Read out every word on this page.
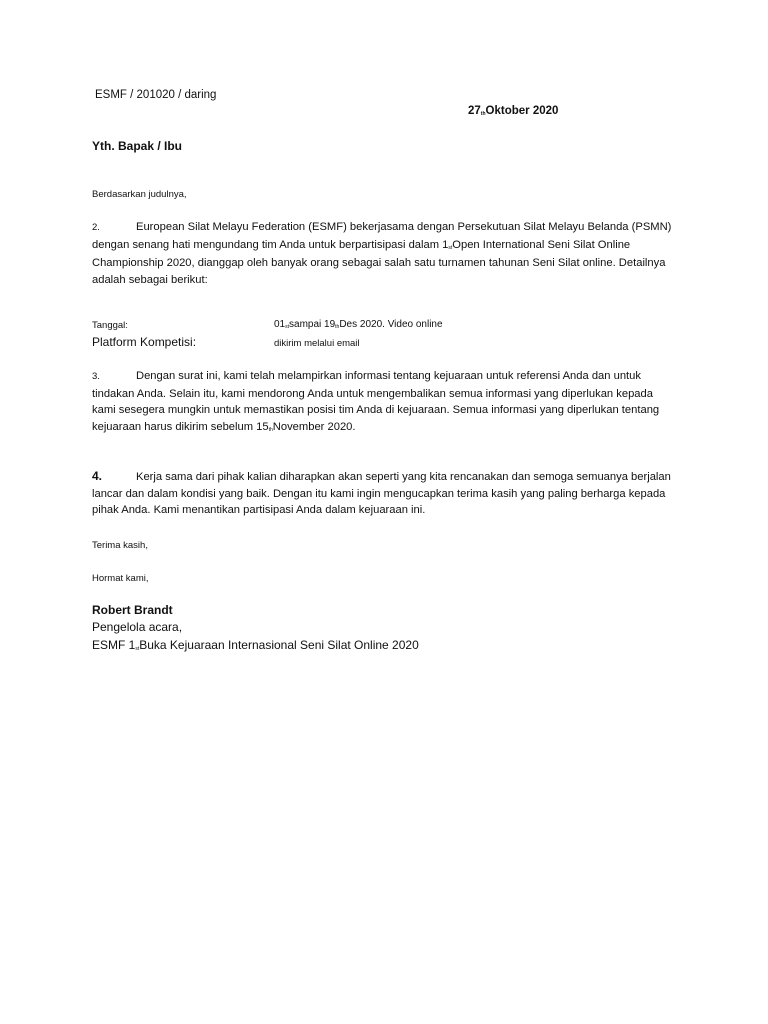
ESMF / 201020 / daring
27thOktober 2020
Yth. Bapak / Ibu
Berdasarkan judulnya,
2.	European Silat Melayu Federation (ESMF) bekerjasama dengan Persekutuan Silat Melayu Belanda (PSMN) dengan senang hati mengundang tim Anda untuk berpartisipasi dalam 1stOpen International Seni Silat Online Championship 2020, dianggap oleh banyak orang sebagai salah satu turnamen tahunan Seni Silat online. Detailnya adalah sebagai berikut:
Tanggal:	01stsampai 19thDes 2020. Video online
Platform Kompetisi:	dikirim melalui email
3.	Dengan surat ini, kami telah melampirkan informasi tentang kejuaraan untuk referensi Anda dan untuk tindakan Anda. Selain itu, kami mendorong Anda untuk mengembalikan semua informasi yang diperlukan kepada kami sesegera mungkin untuk memastikan posisi tim Anda di kejuaraan. Semua informasi yang diperlukan tentang kejuaraan harus dikirim sebelum 15thNovember 2020.
4.	Kerja sama dari pihak kalian diharapkan akan seperti yang kita rencanakan dan semoga semuanya berjalan lancar dan dalam kondisi yang baik. Dengan itu kami ingin mengucapkan terima kasih yang paling berharga kepada pihak Anda. Kami menantikan partisipasi Anda dalam kejuaraan ini.
Terima kasih,
Hormat kami,
Robert Brandt
Pengelola acara,
ESMF 1stBuka Kejuaraan Internasional Seni Silat Online 2020
